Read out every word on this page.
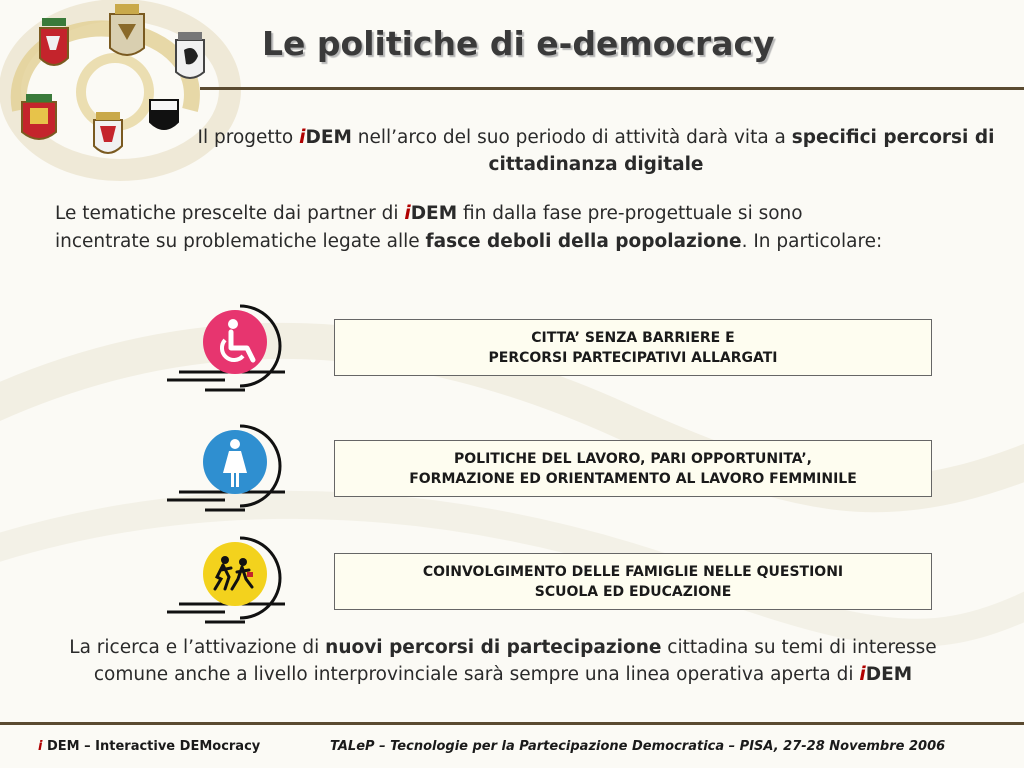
Le politiche di e-democracy
Il progetto iDEM nell’arco del suo periodo di attività darà vita a specifici percorsi di cittadinanza digitale
Le tematiche prescelte dai partner di iDEM fin dalla fase pre-progettuale si sono incentrate su problematiche legate alle fasce deboli della popolazione. In particolare:
CITTA’ SENZA BARRIERE E
PERCORSI PARTECIPATIVI ALLARGATI
POLITICHE DEL LAVORO, PARI OPPORTUNITA’,
FORMAZIONE ED ORIENTAMENTO AL LAVORO FEMMINILE
COINVOLGIMENTO DELLE FAMIGLIE NELLE QUESTIONI
SCUOLA ED EDUCAZIONE
La ricerca e l’attivazione di nuovi percorsi di partecipazione cittadina su temi di interesse comune anche a livello interprovinciale sarà sempre una linea operativa aperta di iDEM
i DEM – Interactive DEMocracy	TALeP – Tecnologie per la Partecipazione Democratica – PISA, 27-28 Novembre 2006
